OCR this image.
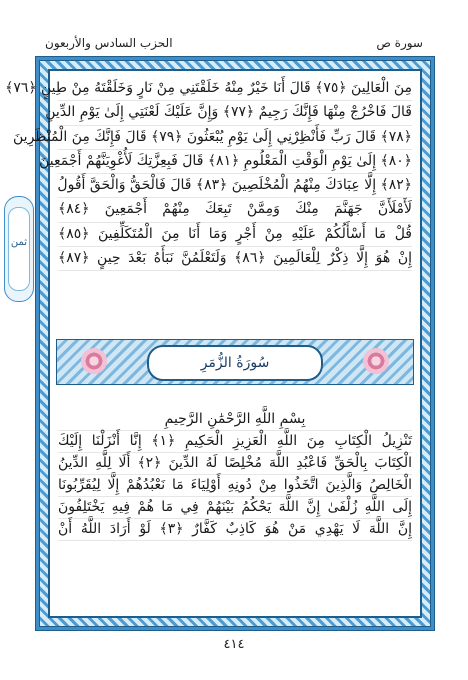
الحزب السادس والأربعون	سورة ص
ثمن
مِنَ الْعَالِينَ ﴿٧٥﴾ قَالَ أَنَا خَيْرٌ مِنْهُ خَلَقْتَنِي مِنْ نَارٍ وَخَلَقْتَهُ مِنْ طِينٍ ﴿٧٦﴾
قَالَ فَاخْرُجْ مِنْهَا فَإِنَّكَ رَجِيمٌ ﴿٧٧﴾ وَإِنَّ عَلَيْكَ لَعْنَتِي إِلَىٰ يَوْمِ الدِّينِ
﴿٧٨﴾ قَالَ رَبِّ فَأَنْظِرْنِي إِلَىٰ يَوْمِ يُبْعَثُونَ ﴿٧٩﴾ قَالَ فَإِنَّكَ مِنَ الْمُنْظَرِينَ
﴿٨٠﴾ إِلَىٰ يَوْمِ الْوَقْتِ الْمَعْلُومِ ﴿٨١﴾ قَالَ فَبِعِزَّتِكَ لَأُغْوِيَنَّهُمْ أَجْمَعِينَ
﴿٨٢﴾ إِلَّا عِبَادَكَ مِنْهُمُ الْمُخْلَصِينَ ﴿٨٣﴾ قَالَ فَالْحَقُّ وَالْحَقَّ أَقُولُ
لَأَمْلَأَنَّ جَهَنَّمَ مِنْكَ وَمِمَّنْ تَبِعَكَ مِنْهُمْ أَجْمَعِينَ ﴿٨٤﴾
قُلْ مَا أَسْأَلُكُمْ عَلَيْهِ مِنْ أَجْرٍ وَمَا أَنَا مِنَ الْمُتَكَلِّفِينَ ﴿٨٥﴾
إِنْ هُوَ إِلَّا ذِكْرٌ لِلْعَالَمِينَ ﴿٨٦﴾ وَلَتَعْلَمُنَّ نَبَأَهُ بَعْدَ حِينٍ ﴿٨٧﴾
سُورَةُ الزُّمَرِ
بِسْمِ اللَّهِ الرَّحْمَٰنِ الرَّحِيمِ
تَنْزِيلُ الْكِتَابِ مِنَ اللَّهِ الْعَزِيزِ الْحَكِيمِ ﴿١﴾ إِنَّا أَنْزَلْنَا إِلَيْكَ
الْكِتَابَ بِالْحَقِّ فَاعْبُدِ اللَّهَ مُخْلِصًا لَهُ الدِّينَ ﴿٢﴾ أَلَا لِلَّهِ الدِّينُ
الْخَالِصُ وَالَّذِينَ اتَّخَذُوا مِنْ دُونِهِ أَوْلِيَاءَ مَا نَعْبُدُهُمْ إِلَّا لِيُقَرِّبُونَا
إِلَى اللَّهِ زُلْفَىٰ إِنَّ اللَّهَ يَحْكُمُ بَيْنَهُمْ فِي مَا هُمْ فِيهِ يَخْتَلِفُونَ
إِنَّ اللَّهَ لَا يَهْدِي مَنْ هُوَ كَاذِبٌ كَفَّارٌ ﴿٣﴾ لَوْ أَرَادَ اللَّهُ أَنْ
٤١٤
